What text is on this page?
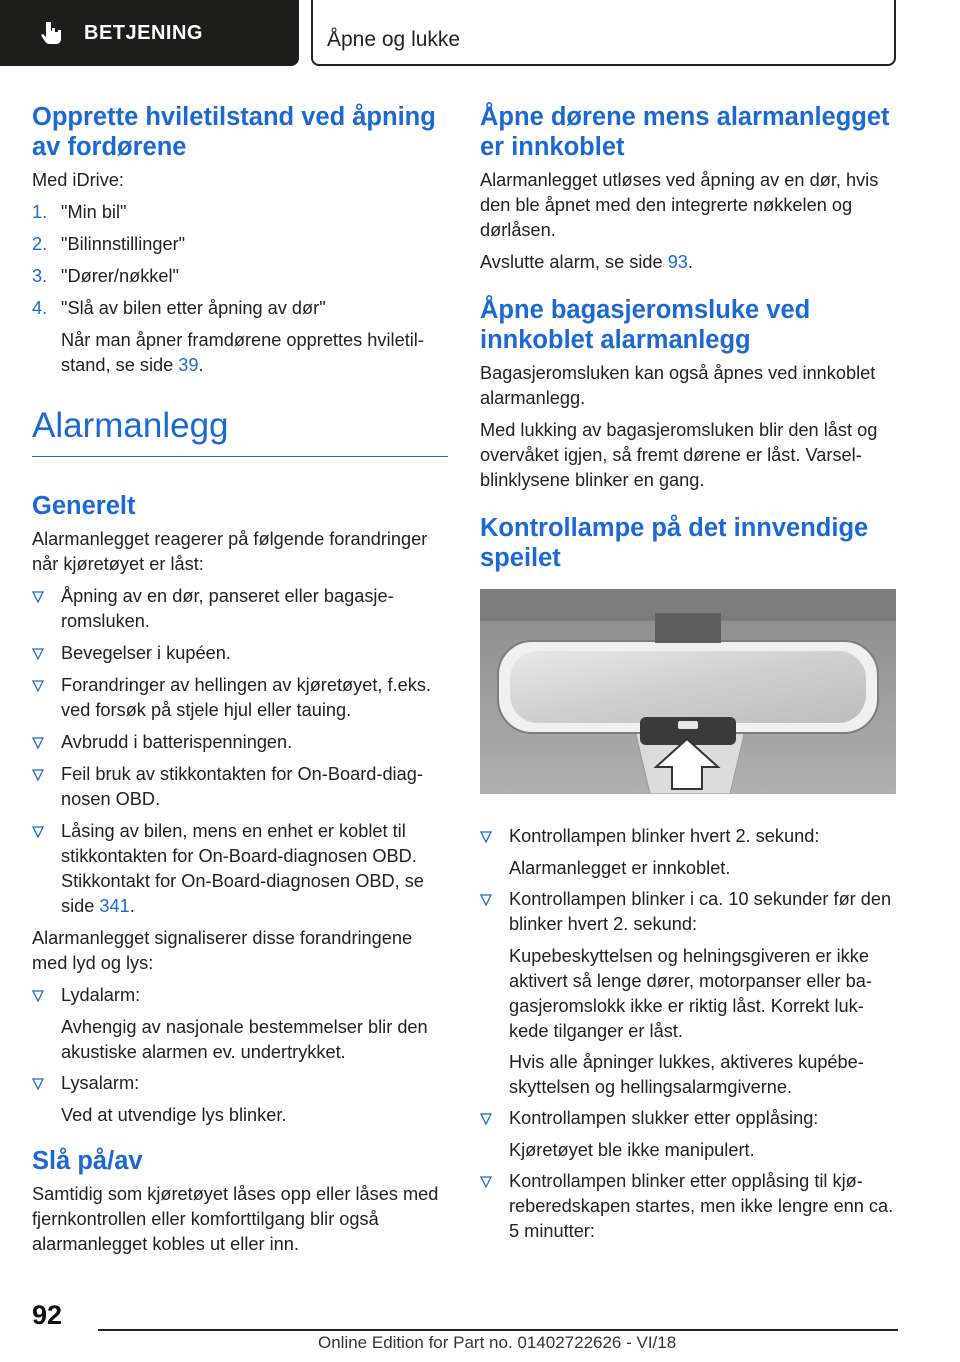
BETJENING	Åpne og lukke
Opprette hviletilstand ved åpning av fordørene

Med iDrive:

1. "Min bil"
2. "Bilinnstillinger"
3. "Dører/nøkkel"
4. "Slå av bilen etter åpning av dør"
Når man åpner framdørene opprettes hviletil-stand, se side 39.
Alarmanlegg
Generelt

Alarmanlegget reagerer på følgende forandringer når kjøretøyet er låst:

Åpning av en dør, panseret eller bagasje-romsluken.
Bevegelser i kupéen.
Forandringer av hellingen av kjøretøyet, f.eks. ved forsøk på stjele hjul eller tauing.
Avbrudd i batterispenningen.
Feil bruk av stikkontakten for On-Board-diag-nosen OBD.
Låsing av bilen, mens en enhet er koblet til stikkontakten for On-Board-diagnosen OBD. Stikkontakt for On-Board-diagnosen OBD, se side 341.

Alarmanlegget signaliserer disse forandringene med lyd og lys:

Lydalarm:
Avhengig av nasjonale bestemmelser blir den akustiske alarmen ev. undertrykket.
Lysalarm:
Ved at utvendige lys blinker.
Slå på/av

Samtidig som kjøretøyet låses opp eller låses med fjernkontrollen eller komforttilgang blir også alarmanlegget kobles ut eller inn.

Åpne dørene mens alarmanlegget er innkoblet

Alarmanlegget utløses ved åpning av en dør, hvis den ble åpnet med den integrerte nøkkelen og dørlåsen.

Avslutte alarm, se side 93.

Åpne bagasjeromsluke ved innkoblet alarmanlegg

Bagasjeromsluken kan også åpnes ved innkoblet alarmanlegg.

Med lukking av bagasjeromsluken blir den låst og overvåket igjen, så fremt dørene er låst. Varsel-blinklysene blinker en gang.

Kontrollampe på det innvendige speilet
Kontrollampen blinker hvert 2. sekund:
Alarmanlegget er innkoblet.
Kontrollampen blinker i ca. 10 sekunder før den blinker hvert 2. sekund:
Kupebeskyttelsen og helningsgiveren er ikke aktivert så lenge dører, motorpanser eller ba-gasjeromslokk ikke er riktig låst. Korrekt luk-kede tilganger er låst.
Hvis alle åpninger lukkes, aktiveres kupébe-skyttelsen og hellingsalarmgiverne.
Kontrollampen slukker etter opplåsing:
Kjøretøyet ble ikke manipulert.
Kontrollampen blinker etter opplåsing til kjø-reberedskapen startes, men ikke lengre enn ca. 5 minutter:
92
Online Edition for Part no. 01402722626 - VI/18
